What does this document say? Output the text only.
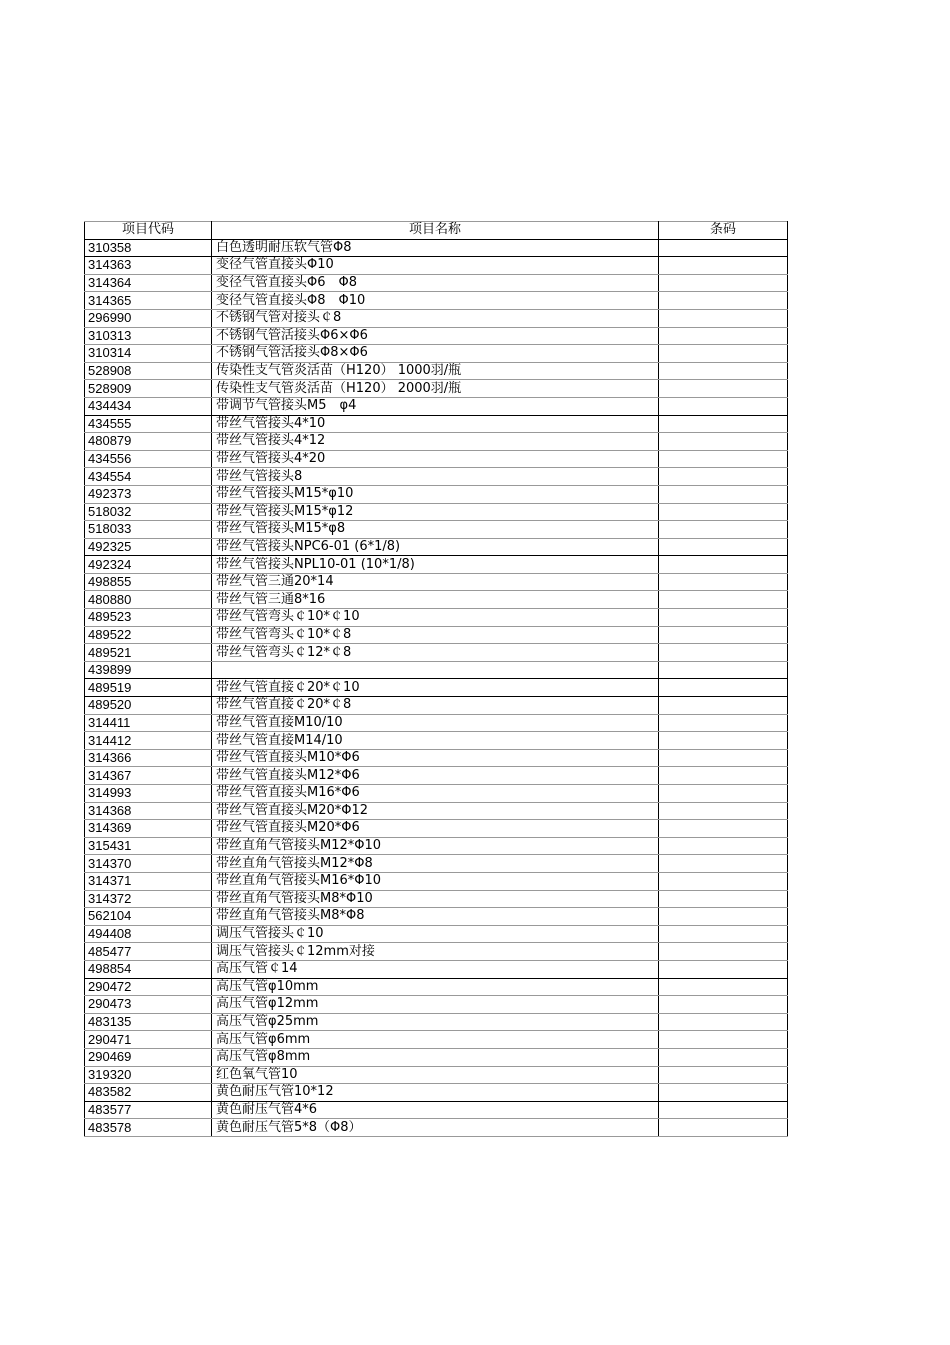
项目代码	项目名称	条码
310358	白色透明耐压软气管Φ8	
314363	变径气管直接头Φ10	
314364	变径气管直接头Φ6　Φ8	
314365	变径气管直接头Φ8　Φ10	
296990	不锈钢气管对接头￠8	
310313	不锈钢气管活接头Φ6×Φ6	
310314	不锈钢气管活接头Φ8×Φ6	
528908	传染性支气管炎活苗（H120） 1000羽/瓶	
528909	传染性支气管炎活苗（H120） 2000羽/瓶	
434434	带调节气管接头M5　φ4	
434555	带丝气管接头4*10	
480879	带丝气管接头4*12	
434556	带丝气管接头4*20	
434554	带丝气管接头8	
492373	带丝气管接头M15*φ10	
518032	带丝气管接头M15*φ12	
518033	带丝气管接头M15*φ8	
492325	带丝气管接头NPC6-01 (6*1/8)	
492324	带丝气管接头NPL10-01 (10*1/8)	
498855	带丝气管三通20*14	
480880	带丝气管三通8*16	
489523	带丝气管弯头￠10*￠10	
489522	带丝气管弯头￠10*￠8	
489521	带丝气管弯头￠12*￠8	
439899		
489519	带丝气管直接￠20*￠10	
489520	带丝气管直接￠20*￠8	
314411	带丝气管直接M10/10	
314412	带丝气管直接M14/10	
314366	带丝气管直接头M10*Φ6	
314367	带丝气管直接头M12*Φ6	
314993	带丝气管直接头M16*Φ6	
314368	带丝气管直接头M20*Φ12	
314369	带丝气管直接头M20*Φ6	
315431	带丝直角气管接头M12*Φ10	
314370	带丝直角气管接头M12*Φ8	
314371	带丝直角气管接头M16*Φ10	
314372	带丝直角气管接头M8*Φ10	
562104	带丝直角气管接头M8*Φ8	
494408	调压气管接头￠10	
485477	调压气管接头￠12mm对接	
498854	高压气管￠14	
290472	高压气管φ10mm	
290473	高压气管φ12mm	
483135	高压气管φ25mm	
290471	高压气管φ6mm	
290469	高压气管φ8mm	
319320	红色氧气管10	
483582	黄色耐压气管10*12	
483577	黄色耐压气管4*6	
483578	黄色耐压气管5*8（Φ8）	
